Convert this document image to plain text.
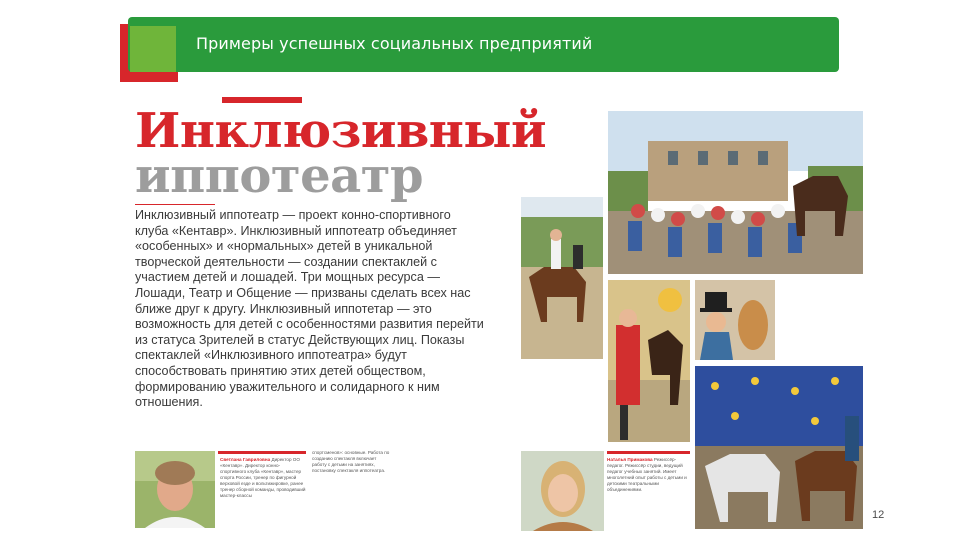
Примеры успешных социальных предприятий
Инклюзивный
иппотеатр
Инклюзивный иппотеатр — проект конно-спортивного клуба «Кентавр». Инклюзивный иппотеатр объединяет «особенных» и «нормальных» детей в уникальной творческой деятельности — создании спектаклей с участием детей и лошадей. Три мощных ресурса — Лошади, Театр и Общение — призваны сделать всех нас ближе друг к другу. Инклюзивный иппотетар — это возможность для детей с особенностями развития перейти из статуса Зрителей в статус Действующих лиц. Показы спектаклей «Инклюзивного иппотеатра» будут способствовать принятию этих детей обществом, формированию уважительного и солидарного к ним отношения.
Светлана Гавриловна Директор ОО «Кентавр». Директор конно-спортивного клуба «Кентавр», мастер спорта России, тренер по фигурной верховой езде и вольтижировке, ранее тренер сборной команды, проводивший мастер-классы
спортсменов»: основные. Работа по созданию спектакля включает работу с детьми на занятиях, постановку спектакля иппотеатра.
Наталья Примакова Режиссёр-педагог. Режиссёр студии, ведущий педагог учебных занятий. Имеет многолетний опыт работы с детьми и детскими театральными объединениями.
12
